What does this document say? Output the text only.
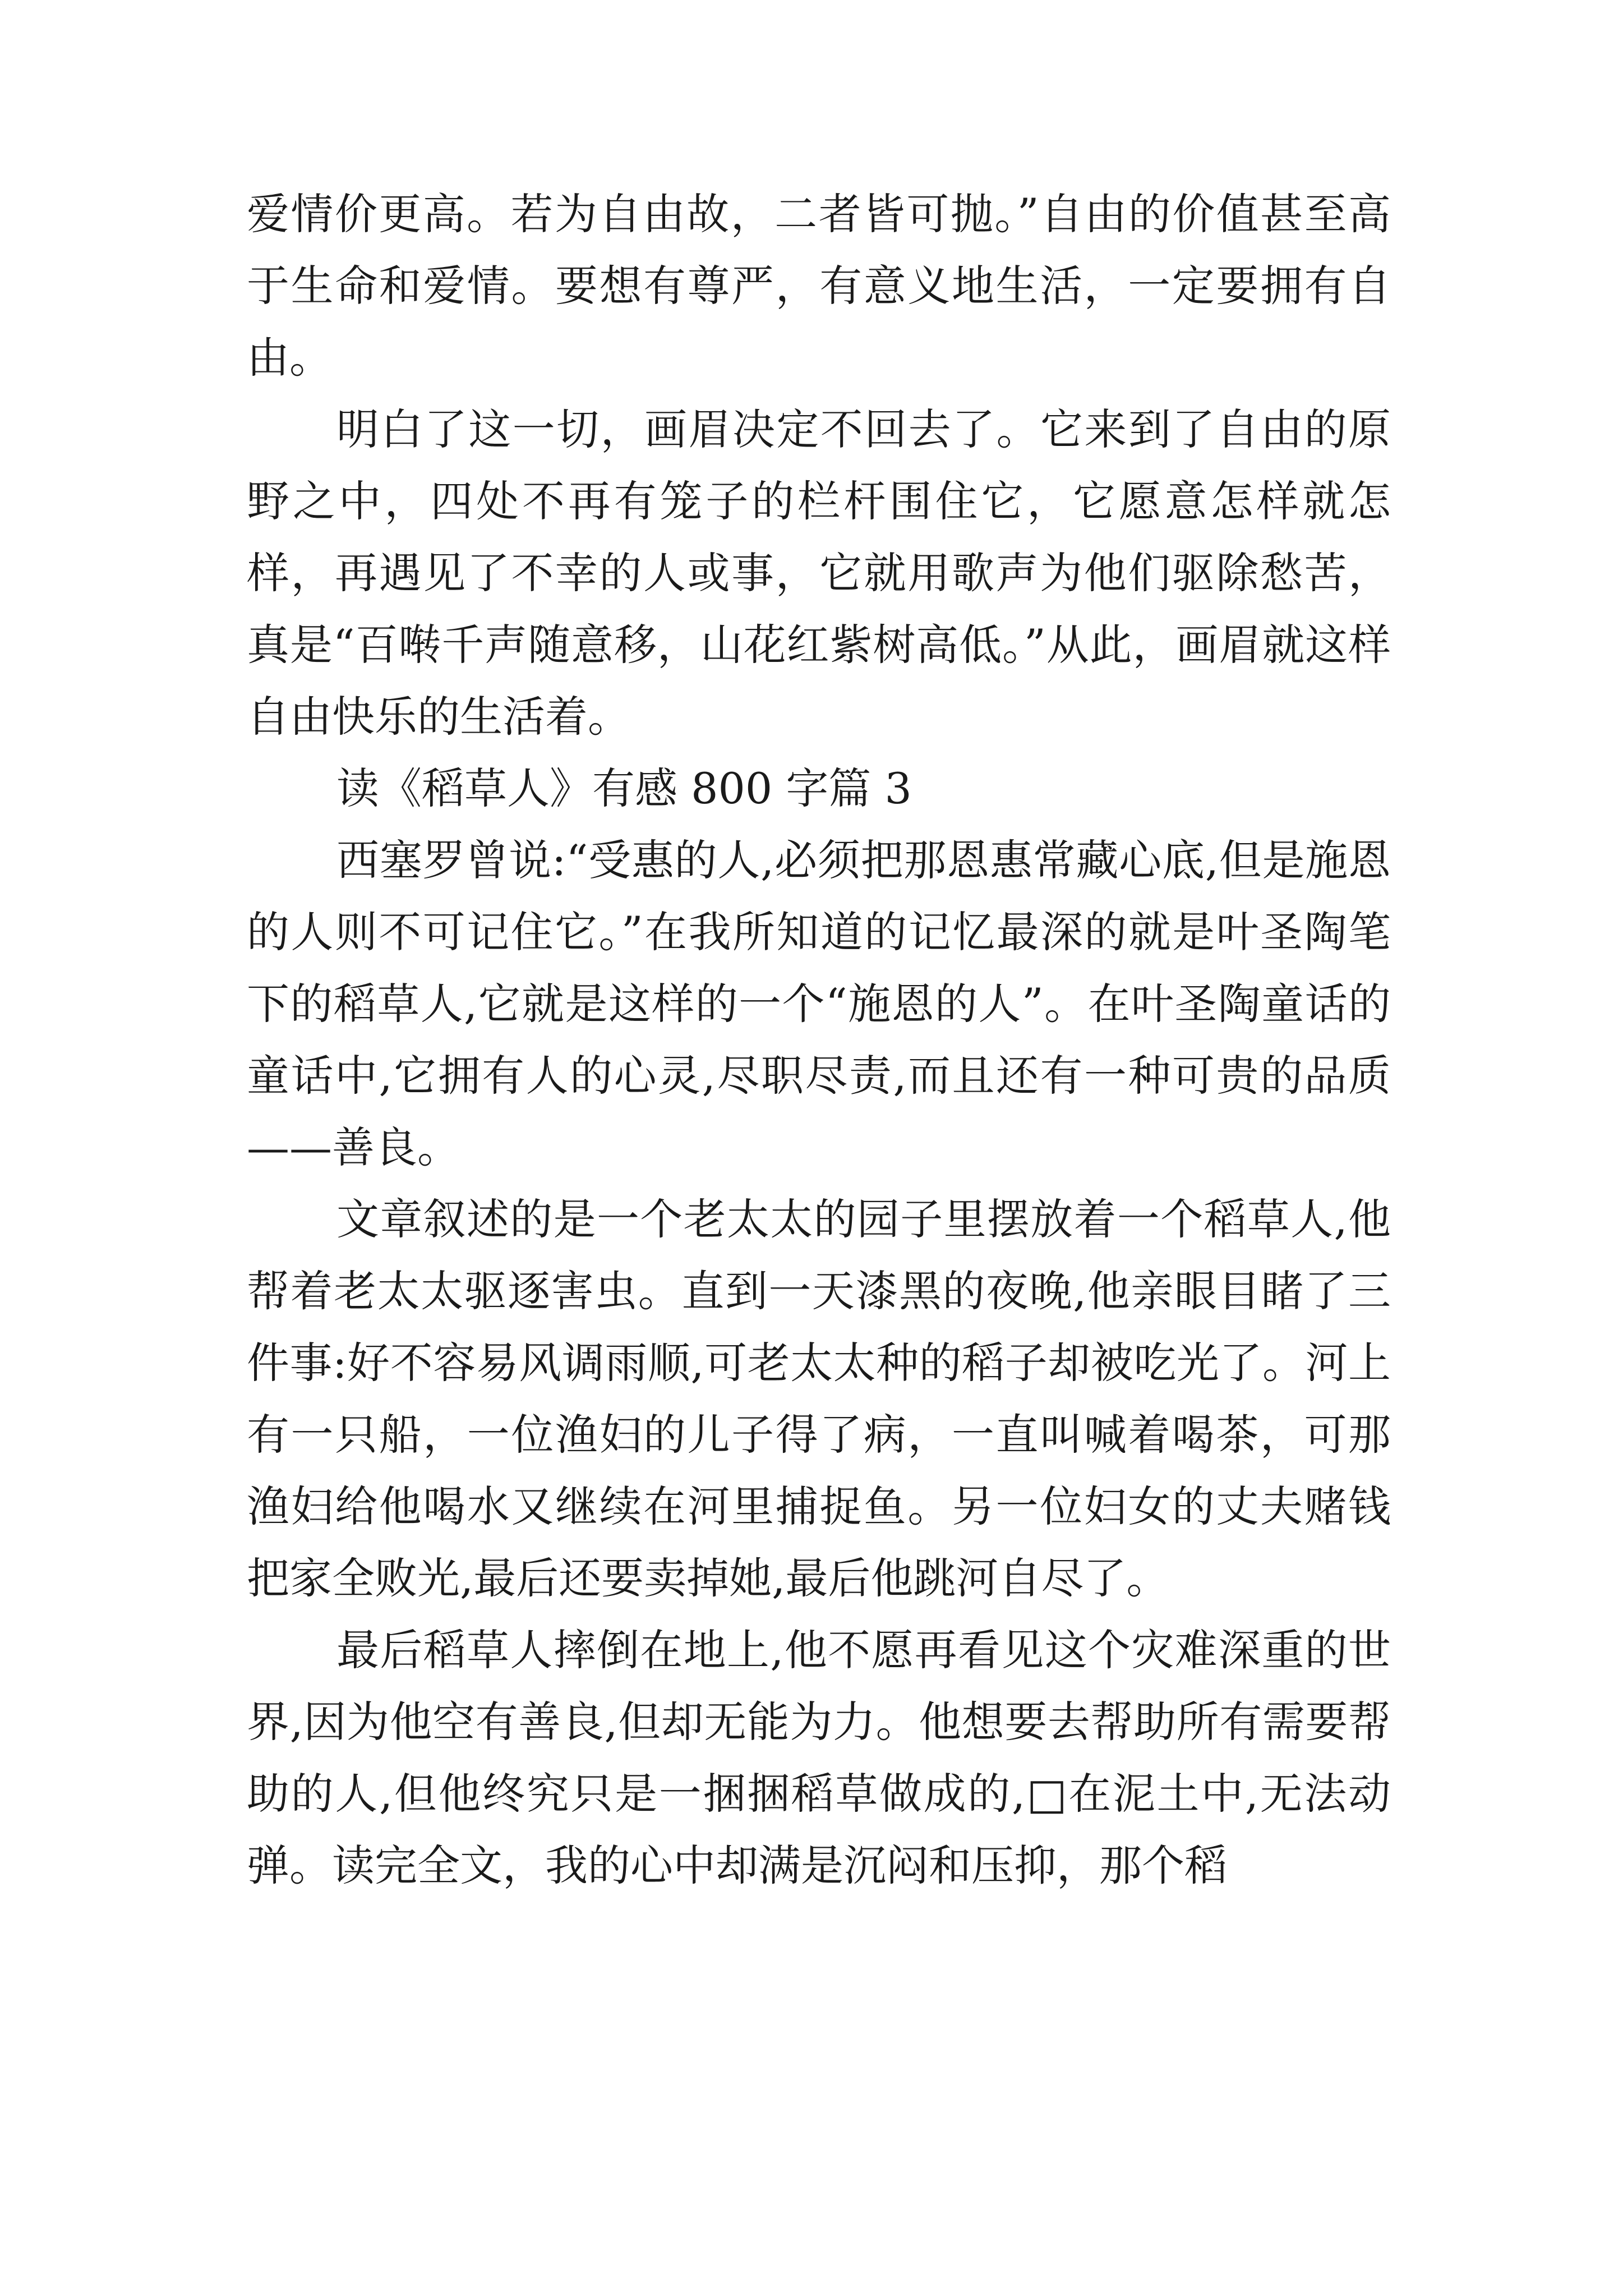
爱情价更高。若为自由故，二者皆可抛。”自由的价值甚至高于生命和爱情。要想有尊严，有意义地生活，一定要拥有自由。

明白了这一切，画眉决定不回去了。它来到了自由的原野之中，四处不再有笼子的栏杆围住它，它愿意怎样就怎样，再遇见了不幸的人或事，它就用歌声为他们驱除愁苦，真是“百啭千声随意移，山花红紫树高低。”从此，画眉就这样自由快乐的生活着。

读《稻草人》有感 800 字篇 3

西塞罗曾说:“受惠的人,必须把那恩惠常藏心底,但是施恩的人则不可记住它。”在我所知道的记忆最深的就是叶圣陶笔下的稻草人,它就是这样的一个“施恩的人”。在叶圣陶童话的童话中,它拥有人的心灵,尽职尽责,而且还有一种可贵的品质——善良。

文章叙述的是一个老太太的园子里摆放着一个稻草人,他帮着老太太驱逐害虫。直到一天漆黑的夜晚,他亲眼目睹了三件事:好不容易风调雨顺,可老太太种的稻子却被吃光了。河上有一只船，一位渔妇的儿子得了病，一直叫喊着喝茶，可那渔妇给他喝水又继续在河里捕捉鱼。另一位妇女的丈夫赌钱把家全败光,最后还要卖掉她,最后他跳河自尽了。

最后稻草人摔倒在地上,他不愿再看见这个灾难深重的世界,因为他空有善良,但却无能为力。他想要去帮助所有需要帮助的人,但他终究只是一捆捆稻草做成的,□在泥土中,无法动弹。读完全文，我的心中却满是沉闷和压抑，那个稻
